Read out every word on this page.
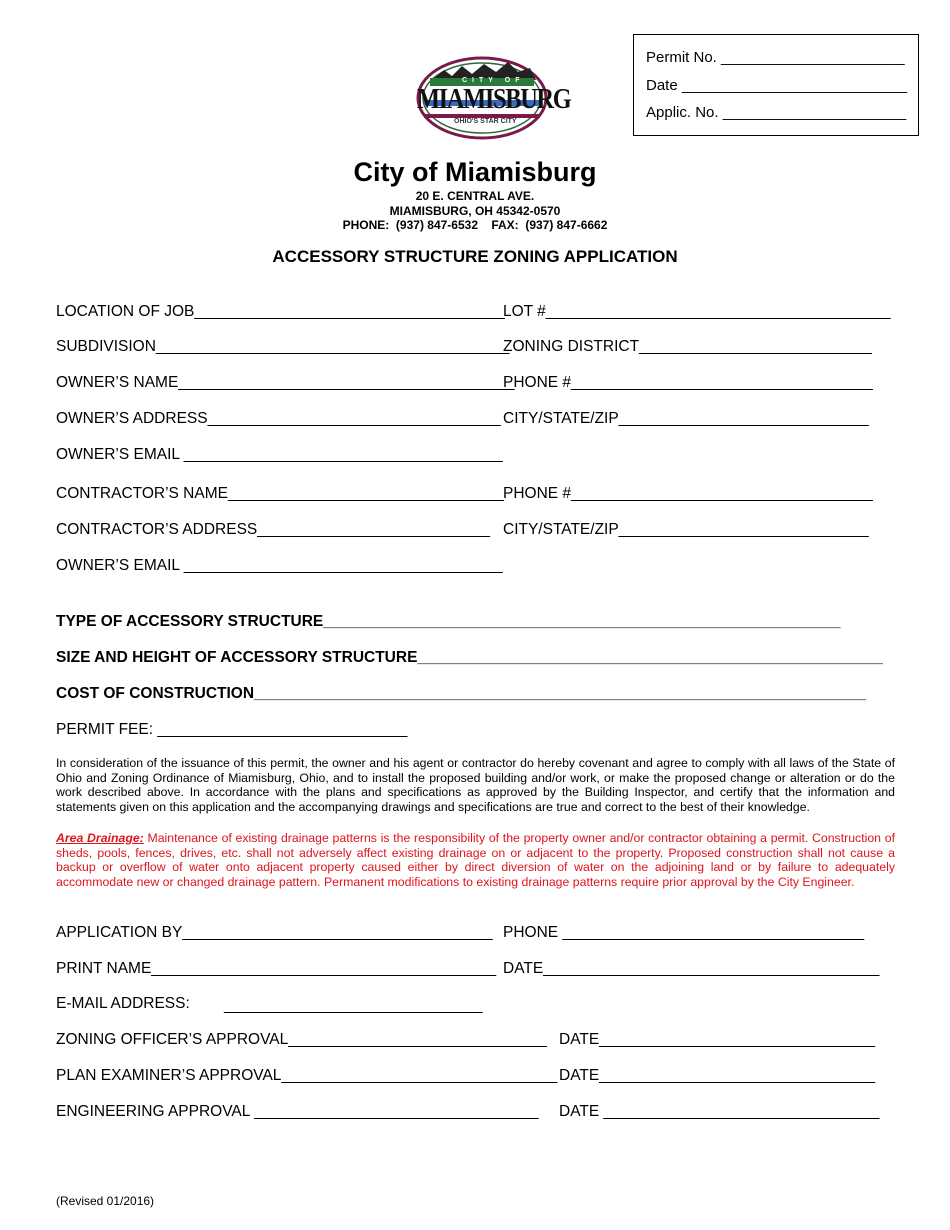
CITY OF
MIAMISBURG
OHIO'S STAR CITY
Permit No. ______________________
Date ___________________________
Applic. No. ______________________
City of Miamisburg
20 E. CENTRAL AVE.
MIAMISBURG, OH 45342-0570
PHONE:  (937) 847-6532    FAX:  (937) 847-6662
ACCESSORY STRUCTURE ZONING APPLICATION
LOCATION OF JOB____________________________________
LOT #________________________________________
SUBDIVISION_________________________________________
ZONING DISTRICT___________________________
OWNER’S NAME_______________________________________
PHONE #___________________________________
OWNER’S ADDRESS__________________________________ CITY/STATE/ZIP_____________________________
OWNER’S EMAIL _____________________________________
CONTRACTOR’S NAME________________________________ PHONE #___________________________________
CONTRACTOR’S ADDRESS___________________________ CITY/STATE/ZIP_____________________________
OWNER’S EMAIL _____________________________________
TYPE OF ACCESSORY STRUCTURE____________________________________________________________
SIZE AND HEIGHT OF ACCESSORY STRUCTURE______________________________________________________
COST OF CONSTRUCTION_______________________________________________________________________
PERMIT FEE: _____________________________
In consideration of the issuance of this permit, the owner and his agent or contractor do hereby covenant and agree to comply with all laws of the State of Ohio and Zoning Ordinance of Miamisburg, Ohio, and to install the proposed building and/or work, or make the proposed change or alteration or do the work described above. In accordance with the plans and specifications as approved by the Building Inspector, and certify that the information and statements given on this application and the accompanying drawings and specifications are true and correct to the best of their knowledge.
Area Drainage: Maintenance of existing drainage patterns is the responsibility of the property owner and/or contractor obtaining a permit. Construction of sheds, pools, fences, drives, etc. shall not adversely affect existing drainage on or adjacent to the property. Proposed construction shall not cause a backup or overflow of water onto adjacent property caused either by direct diversion of water on the adjoining land or by failure to adequately accommodate new or changed drainage pattern. Permanent modifications to existing drainage patterns require prior approval by the City Engineer.
APPLICATION BY____________________________________ PHONE ___________________________________
PRINT NAME________________________________________ DATE_______________________________________
E-MAIL ADDRESS: ______________________________
ZONING OFFICER’S APPROVAL______________________________ DATE________________________________
PLAN EXAMINER’S APPROVAL________________________________ DATE________________________________
ENGINEERING APPROVAL _________________________________ DATE ________________________________
(Revised 01/2016)
